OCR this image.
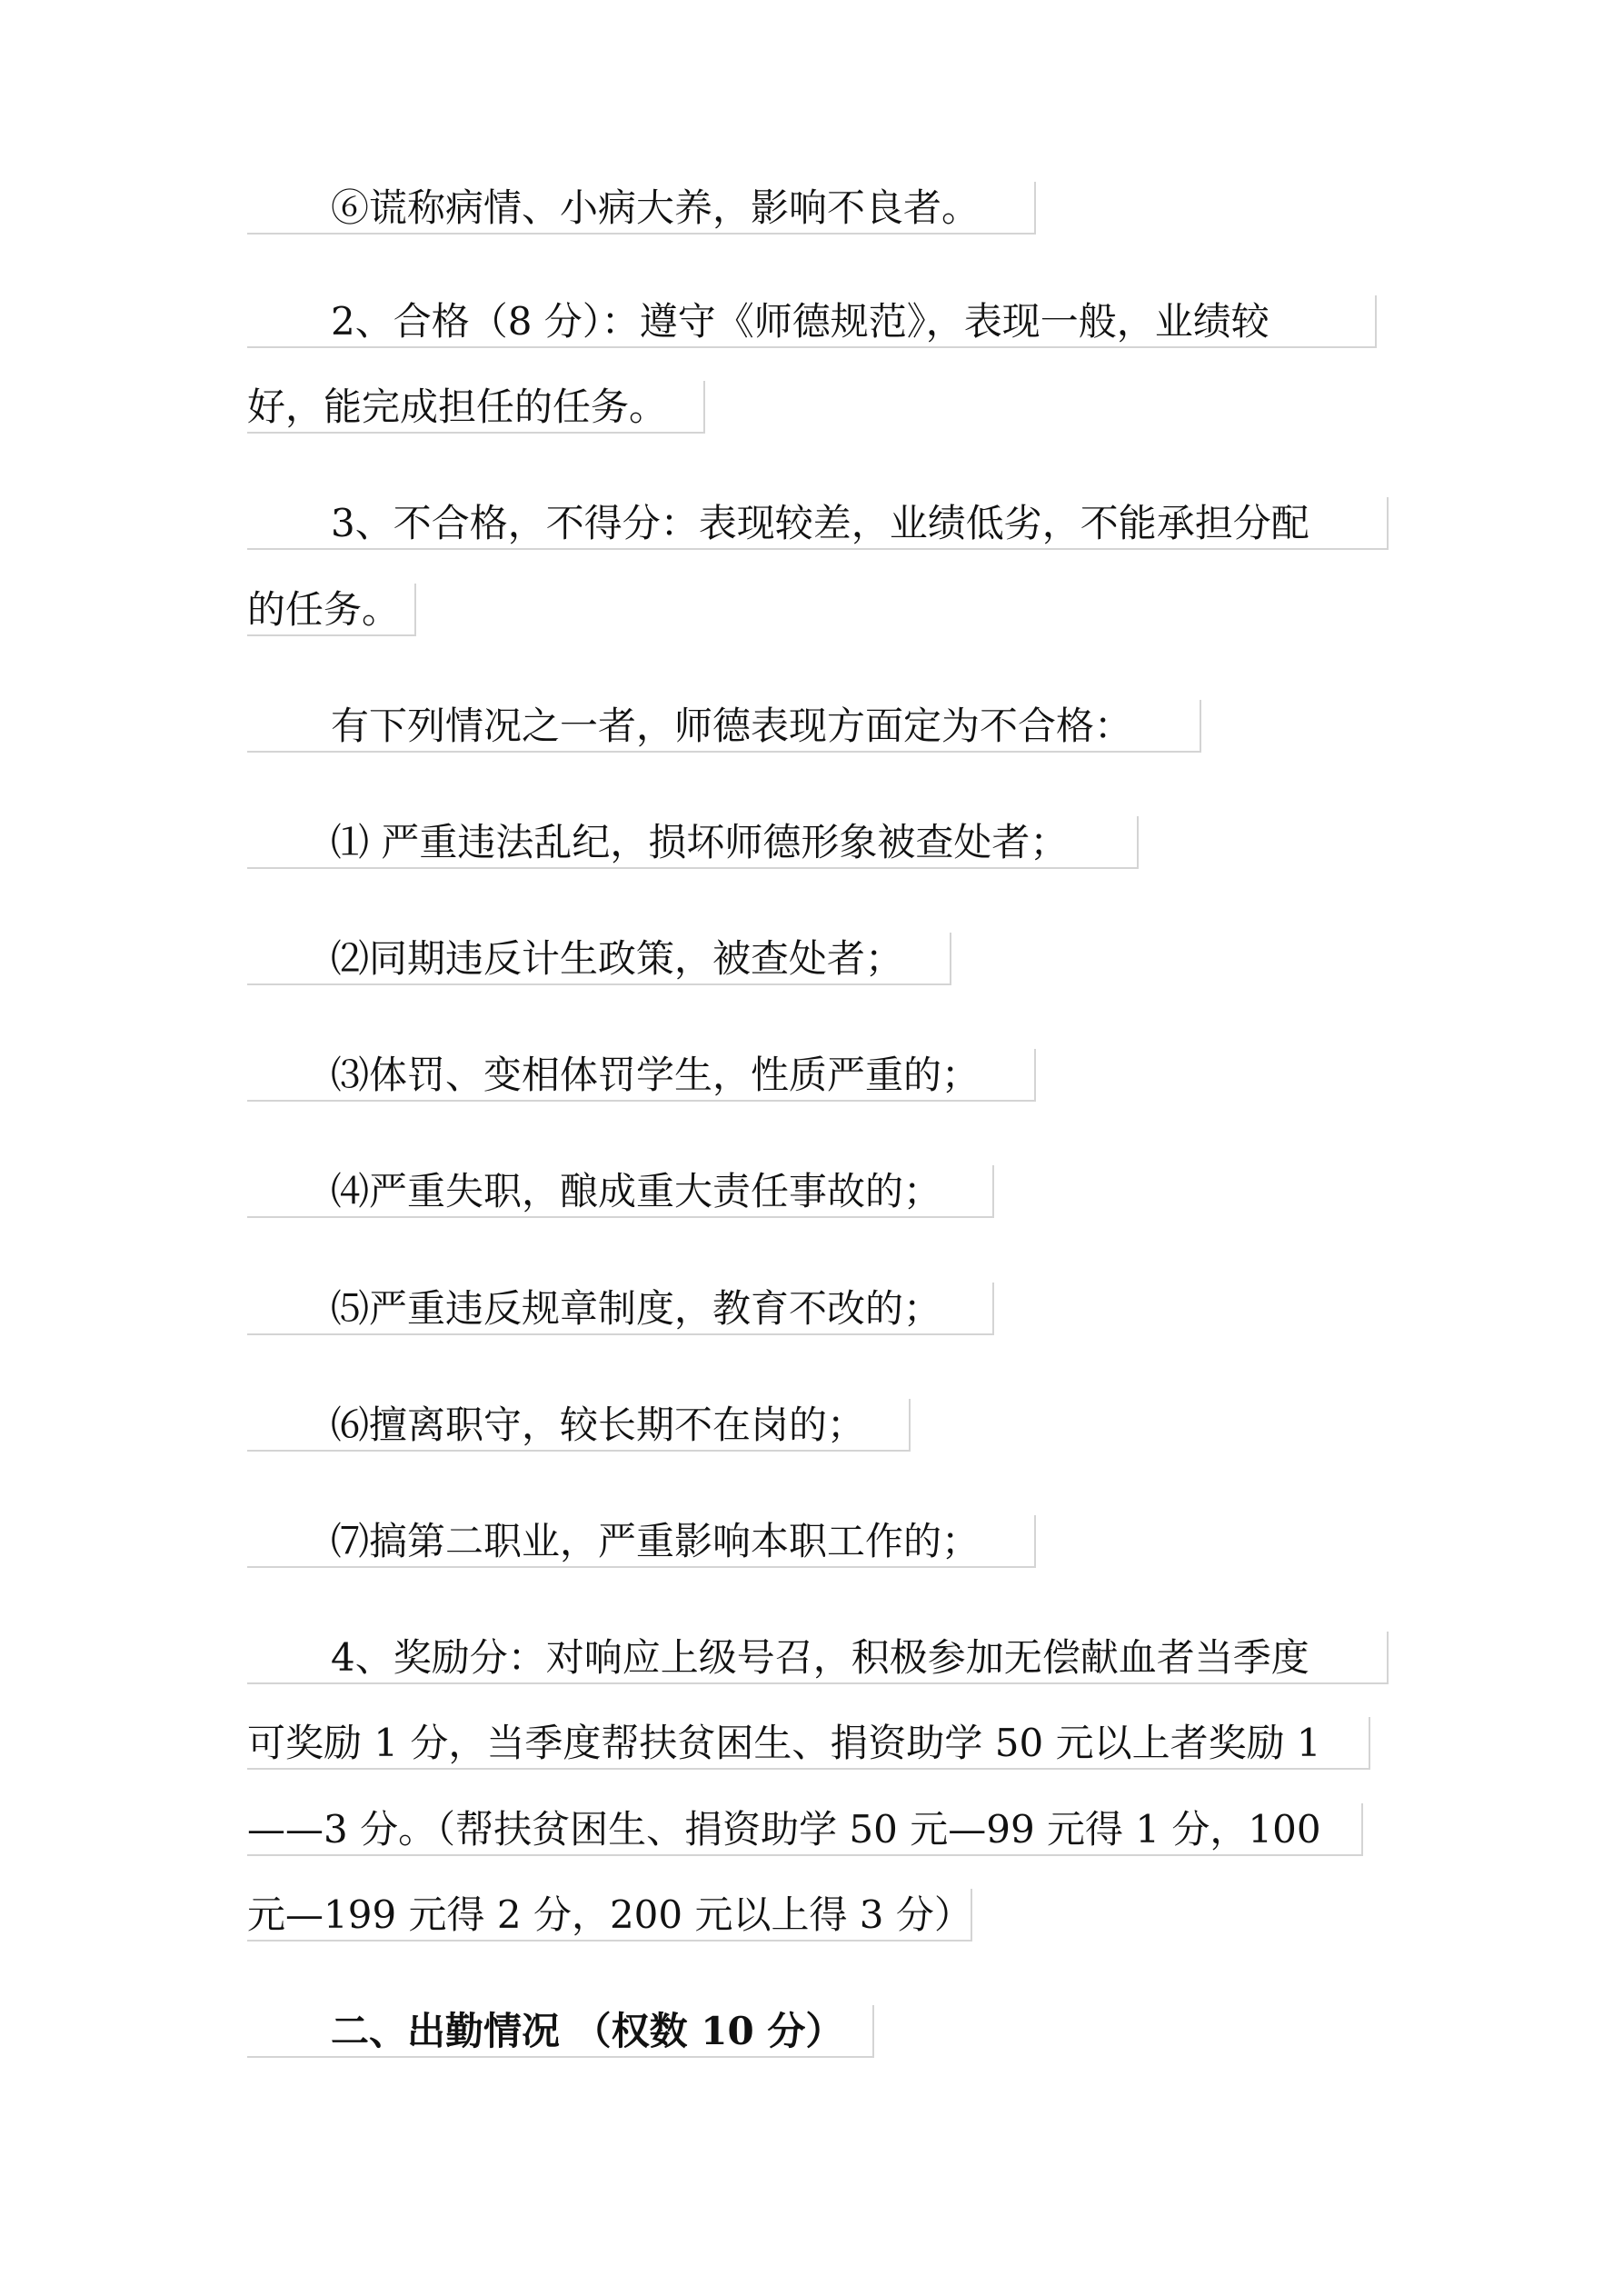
⑥谎称病情、小病大养，影响不良者。
2、合格（8 分）：遵守《师德规范》，表现一般，业绩较
好，能完成担任的任务。
3、不合格，不得分：表现较差，业绩低劣，不能承担分配
的任务。
有下列情况之一者，师德表现方面定为不合格：
⑴ 严重违法乱纪，损坏师德形象被查处者；
⑵同期违反计生政策，被查处者；
⑶体罚、变相体罚学生，性质严重的；
⑷严重失职，酿成重大责任事故的；
⑸严重违反规章制度，教育不改的；
⑹擅离职守，较长期不在岗的；
⑺搞第二职业，严重影响本职工作的；
4、奖励分：对响应上级号召，积极参加无偿献血者当季度
可奖励 1 分，当季度帮扶贫困生、捐资助学 50 元以上者奖励 1
——3 分。（帮扶贫困生、捐资助学 50 元—99 元得 1 分，100
元—199 元得 2 分，200 元以上得 3 分）
二、出勤情况 （权数 10 分）
